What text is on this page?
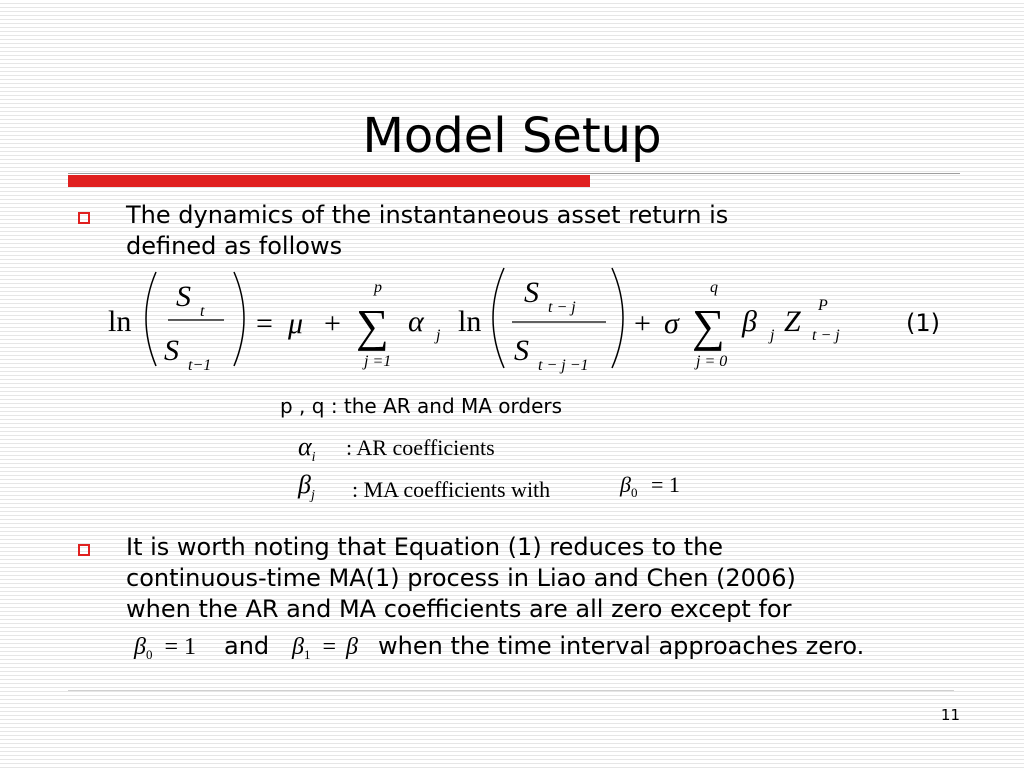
Model Setup
The dynamics of the instantaneous asset return is
defined as follows
ln
S t
S t−1
= μ +
p
∑
j =1
α j ln
S t − j
S t − j −1
+ σ
q
∑
j = 0
β j Z P
t − j	(1)
p , q : the AR and MA orders
$\alpha_i$ : AR coefficients
$\beta_j$ : MA coefficients with	$\beta_0 = 1$
It is worth noting that Equation (1) reduces to the
continuous-time MA(1) process in Liao and Chen (2006)
when the AR and MA coefficients are all zero except for
$\beta_0 = 1$ and $\beta_1 = \beta$ when the time interval approaches zero.
11
